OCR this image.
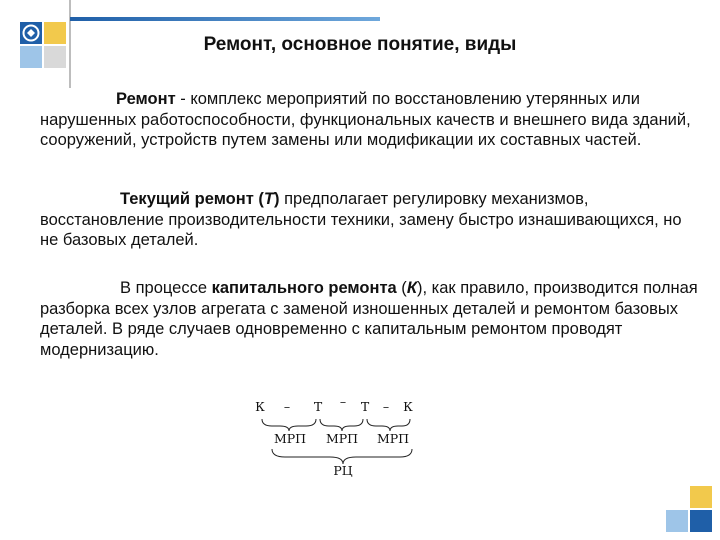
Ремонт, основное понятие, виды

Ремонт - комплекс мероприятий по восстановлению утерянных или нарушенных работоспособности, функциональных качеств и внешнего вида зданий, сооружений, устройств путем замены или модификации их составных частей.

Текущий ремонт (Т) предполагает регулировку механизмов, восстановление производительности техники, замену быстро изнашивающихся, но не базовых деталей.

В процессе капитального ремонта (К), как правило, производится полная разборка всех узлов агрегата с заменой изношенных деталей и ремонтом базовых деталей. В ряде случаев одновременно с капитальным ремонтом проводят модернизацию.

К – Т – Т – К
МРП МРП МРП
РЦ
